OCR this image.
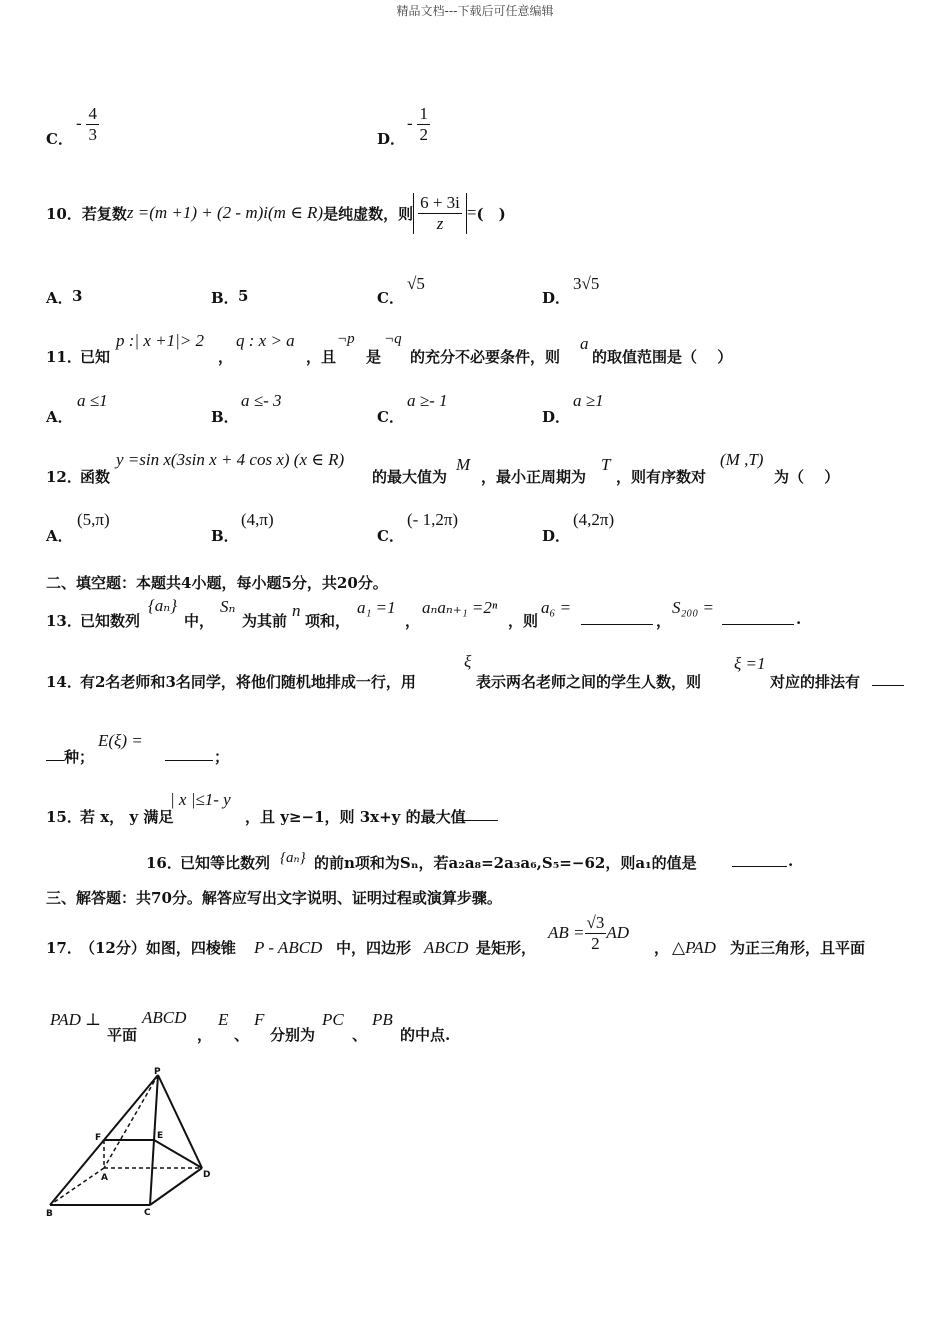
精品文档---下载后可任意编辑
C．
- $\frac{4}{3}$	D．
- $\frac{1}{2}$
10． 若复数 z =(m +1) + (2 - m)i(m ∈ R) 是纯虚数，则 $\frac{6 + 3i}{z}$ = (　)
A． 3	B． 5	C．
√5
D．
3√5
11．
已知
p :| x +1|> 2
，
q : x > a
，且
¬p
是
¬q
的充分不必要条件，则
a
的取值范围是（　 ）
A．
a ≤1
B．
a ≤- 3
C．
a ≥- 1
D．
a ≥1
12．
函数
y =sin x(3sin x + 4 cos x) (x ∈ R)
的最大值为
M
，最小正周期为
T
，则有序数对
(M ,T)
为（　 ）
A．
(5,π)
B．
(4,π)
C．
(- 1,2π)
D．
(4,2π)
二、填空题：本题共4小题，每小题5分，共20分。
13．
已知数列
{aₙ}
中，
Sₙ
为其前
n
项和，
a₁ =1
，
aₙaₙ₊₁ =2ⁿ
，则
a₆ =
，
S₂₀₀ =
.
14．
有2名老师和3名同学，将他们随机地排成一行，用
ξ
表示两名老师之间的学生人数，则
ξ =1
对应的排法有
种；
E(ξ) =
；
15．
若 x， y 满足
| x |≤1- y
，且 y≥−1，则 3x+y 的最大值
16．
已知等比数列 {aₙ} 的前n项和为Sₙ，若a₂a₈=2a₃a₆,S₅=−62，则a₁的值是	.
三、解答题：共70分。解答应写出文字说明、证明过程或演算步骤。
17．
（12分）如图，四棱锥 P - ABCD 中，四边形 ABCD 是矩形，
AB = $\frac{√3}{2}$ AD
， △PAD 为正三角形，且平面
PAD ⊥
平面
ABCD
，
E
、
F
分别为
PC
、
PB
的中点.
P
F	E
A	D
B	C
